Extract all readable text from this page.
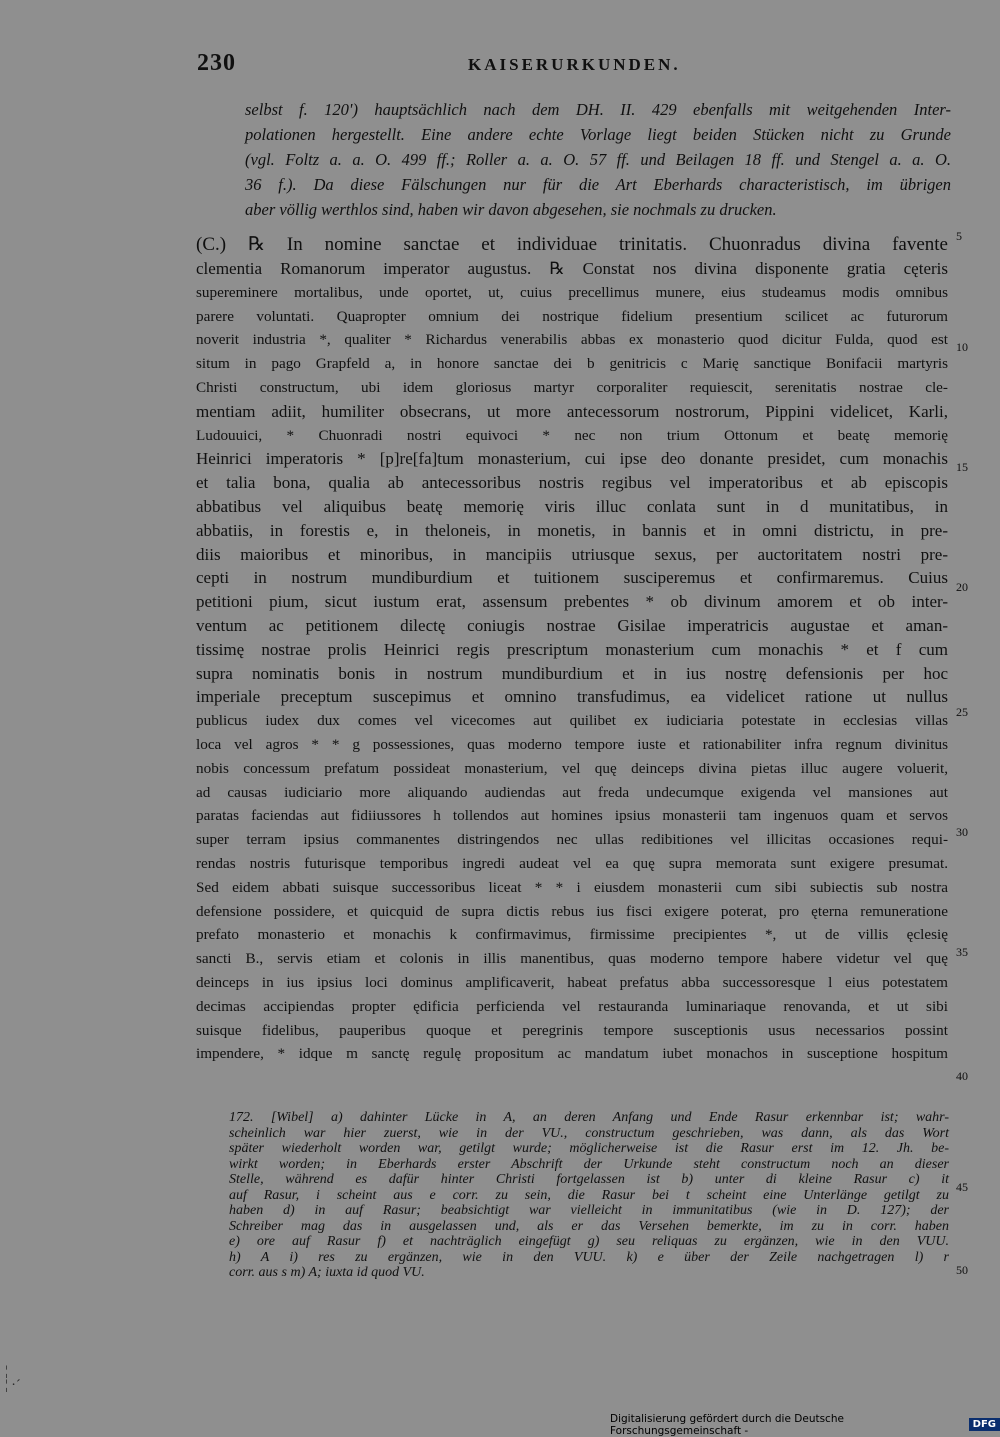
230	KAISERURKUNDEN.
selbst f. 120') hauptsächlich nach dem DH. II. 429 ebenfalls mit weitgehenden Inter-
polationen hergestellt. Eine andere echte Vorlage liegt beiden Stücken nicht zu Grunde
(vgl. Foltz a. a. O. 499 ff.; Roller a. a. O. 57 ff. und Beilagen 18 ff. und Stengel a. a. O.
36 f.). Da diese Fälschungen nur für die Art Eberhards characteristisch, im übrigen
aber völlig werthlos sind, haben wir davon abgesehen, sie nochmals zu drucken.
(C.) ℞ In nomine sanctae et individuae trinitatis. Chuonradus divina favente
clementia Romanorum imperator augustus. ℞ Constat nos divina disponente gratia cęteris
supereminere mortalibus, unde oportet, ut, cuius precellimus munere, eius studeamus modis omnibus
parere voluntati. Quapropter omnium dei nostrique fidelium presentium scilicet ac futurorum
noverit industria *, qualiter * Richardus venerabilis abbas ex monasterio quod dicitur Fulda, quod est
situm in pago Grapfeld a, in honore sanctae dei b genitricis c Marię sanctique Bonifacii martyris
Christi constructum, ubi idem gloriosus martyr corporaliter requiescit, serenitatis nostrae cle-
mentiam adiit, humiliter obsecrans, ut more antecessorum nostrorum, Pippini videlicet, Karli,
Ludouuici, * Chuonradi nostri equivoci * nec non trium Ottonum et beatę memorię
Heinrici imperatoris * [p]re[fa]tum monasterium, cui ipse deo donante presidet, cum monachis
et talia bona, qualia ab antecessoribus nostris regibus vel imperatoribus et ab episcopis
abbatibus vel aliquibus beatę memorię viris illuc conlata sunt in d munitatibus, in
abbatiis, in forestis e, in theloneis, in monetis, in bannis et in omni districtu, in pre-
diis maioribus et minoribus, in mancipiis utriusque sexus, per auctoritatem nostri pre-
cepti in nostrum mundiburdium et tuitionem susciperemus et confirmaremus. Cuius
petitioni pium, sicut iustum erat, assensum prebentes * ob divinum amorem et ob inter-
ventum ac petitionem dilectę coniugis nostrae Gisilae imperatricis augustae et aman-
tissimę nostrae prolis Heinrici regis prescriptum monasterium cum monachis * et f cum
supra nominatis bonis in nostrum mundiburdium et in ius nostrę defensionis per hoc
imperiale preceptum suscepimus et omnino transfudimus, ea videlicet ratione ut nullus
publicus iudex dux comes vel vicecomes aut quilibet ex iudiciaria potestate in ecclesias villas
loca vel agros * * g possessiones, quas moderno tempore iuste et rationabiliter infra regnum divinitus
nobis concessum prefatum possideat monasterium, vel quę deinceps divina pietas illuc augere voluerit,
ad causas iudiciario more aliquando audiendas aut freda undecumque exigenda vel mansiones aut
paratas faciendas aut fidiiussores h tollendos aut homines ipsius monasterii tam ingenuos quam et servos
super terram ipsius commanentes distringendos nec ullas redibitiones vel illicitas occasiones requi-
rendas nostris futurisque temporibus ingredi audeat vel ea quę supra memorata sunt exigere presumat.
Sed eidem abbati suisque successoribus liceat * * i eiusdem monasterii cum sibi subiectis sub nostra
defensione possidere, et quicquid de supra dictis rebus ius fisci exigere poterat, pro ęterna remuneratione
prefato monasterio et monachis k confirmavimus, firmissime precipientes *, ut de villis ęclesię
sancti B., servis etiam et colonis in illis manentibus, quas moderno tempore habere videtur vel quę
deinceps in ius ipsius loci dominus amplificaverit, habeat prefatus abba successoresque l eius potestatem
decimas accipiendas propter ędificia perficienda vel restauranda luminariaque renovanda, et ut sibi
suisque fidelibus, pauperibus quoque et peregrinis tempore susceptionis usus necessarios possint
impendere, * idque m sanctę regulę propositum ac mandatum iubet monachos in susceptione hospitum
172. [Wibel] a) dahinter Lücke in A, an deren Anfang und Ende Rasur erkennbar ist; wahr-
scheinlich war hier zuerst, wie in der VU., constructum geschrieben, was dann, als das Wort
später wiederholt worden war, getilgt wurde; möglicherweise ist die Rasur erst im 12. Jh. be-
wirkt worden; in Eberhards erster Abschrift der Urkunde steht constructum noch an dieser
Stelle, während es dafür hinter Christi fortgelassen ist b) unter di kleine Rasur c) it
auf Rasur, i scheint aus e corr. zu sein, die Rasur bei t scheint eine Unterlänge getilgt zu
haben d) in auf Rasur; beabsichtigt war vielleicht in immunitatibus (wie in D. 127); der
Schreiber mag das in ausgelassen und, als er das Versehen bemerkte, im zu in corr. haben
e) ore auf Rasur f) et nachträglich eingefügt g) seu reliquas zu ergänzen, wie in den VUU.
h) A i) res zu ergänzen, wie in den VUU. k) e über der Zeile nachgetragen l) r
corr. aus s m) A; iuxta id quod VU.
5
10
15
20
25
30
35
40
45
50
¦
¦ ·´
Digitalisierung gefördert durch die Deutsche Forschungsgemeinschaft -	DFG
